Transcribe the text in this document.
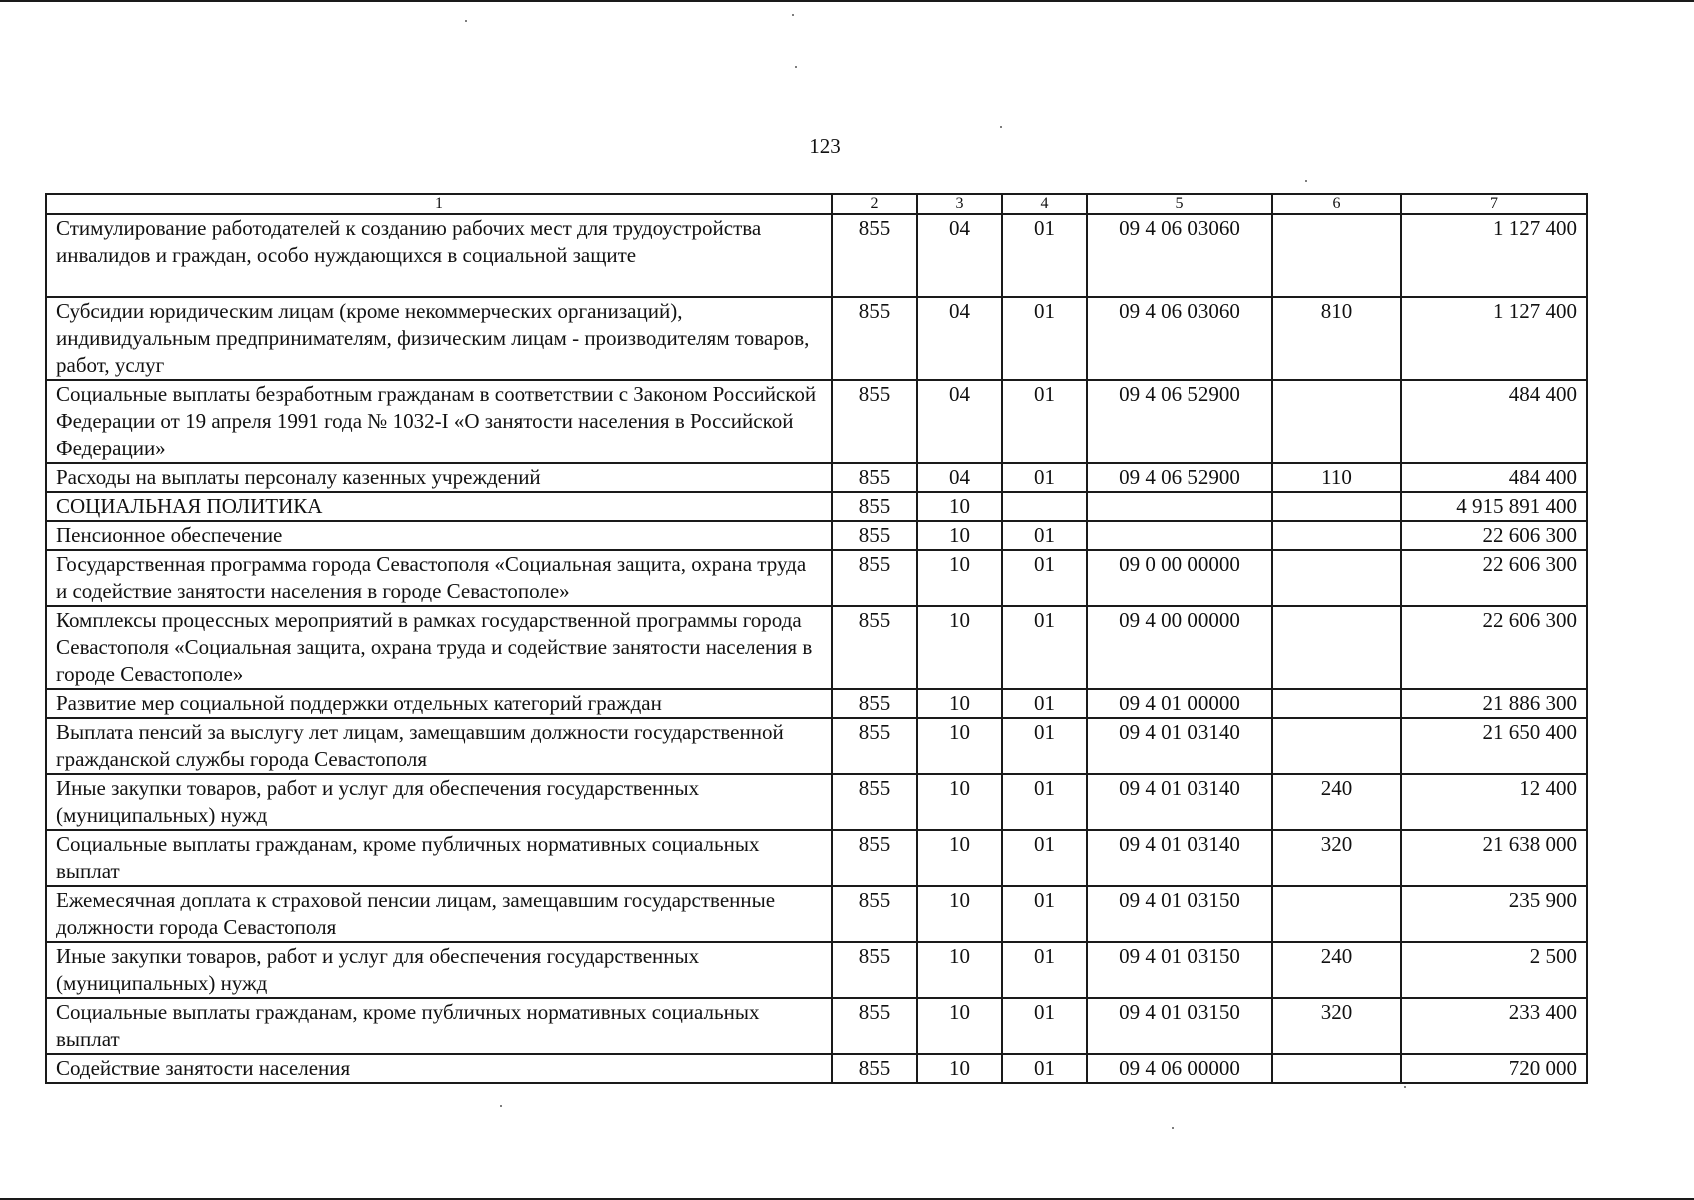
123
1	2	3	4	5	6	7
Стимулирование работодателей к созданию рабочих мест для трудоустройства инвалидов и граждан, особо нуждающихся в социальной защите	855	04	01	09 4 06 03060		1 127 400
Субсидии юридическим лицам (кроме некоммерческих организаций), индивидуальным предпринимателям, физическим лицам - производителям товаров, работ, услуг	855	04	01	09 4 06 03060	810	1 127 400
Социальные выплаты безработным гражданам в соответствии с Законом Российской Федерации от 19 апреля 1991 года № 1032-I «О занятости населения в Российской Федерации»	855	04	01	09 4 06 52900		484 400
Расходы на выплаты персоналу казенных учреждений	855	04	01	09 4 06 52900	110	484 400
СОЦИАЛЬНАЯ ПОЛИТИКА	855	10				4 915 891 400
Пенсионное обеспечение	855	10	01			22 606 300
Государственная программа города Севастополя «Социальная защита, охрана труда и содействие занятости населения в городе Севастополе»	855	10	01	09 0 00 00000		22 606 300
Комплексы процессных мероприятий в рамках государственной программы города Севастополя «Социальная защита, охрана труда и содействие занятости населения в городе Севастополе»	855	10	01	09 4 00 00000		22 606 300
Развитие мер социальной поддержки отдельных категорий граждан	855	10	01	09 4 01 00000		21 886 300
Выплата пенсий за выслугу лет лицам, замещавшим должности государственной гражданской службы города Севастополя	855	10	01	09 4 01 03140		21 650 400
Иные закупки товаров, работ и услуг для обеспечения государственных (муниципальных) нужд	855	10	01	09 4 01 03140	240	12 400
Социальные выплаты гражданам, кроме публичных нормативных социальных выплат	855	10	01	09 4 01 03140	320	21 638 000
Ежемесячная доплата к страховой пенсии лицам, замещавшим государственные должности города Севастополя	855	10	01	09 4 01 03150		235 900
Иные закупки товаров, работ и услуг для обеспечения государственных (муниципальных) нужд	855	10	01	09 4 01 03150	240	2 500
Социальные выплаты гражданам, кроме публичных нормативных социальных выплат	855	10	01	09 4 01 03150	320	233 400
Содействие занятости населения	855	10	01	09 4 06 00000		720 000
